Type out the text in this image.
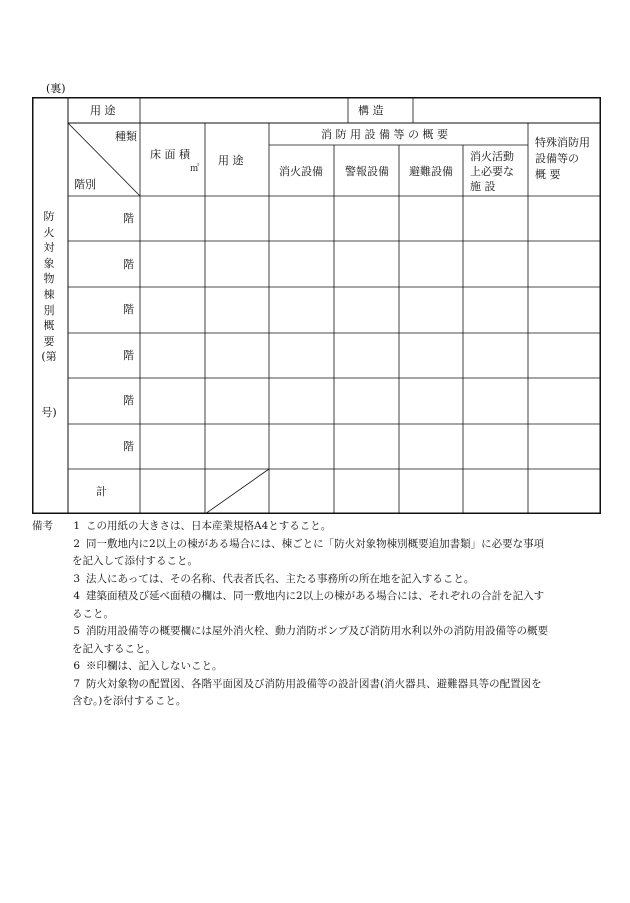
(裏)
防火対象物棟別概要(第
号)
用 途	構 造
種類
階別
床 面 積
㎡
用 途
消 防 用 設 備 等 の 概 要
消火設備 警報設備 避難設備
消火活動
上必要な
施 設
特殊消防用
設備等の
概 要
階
階
階
階
階
階
計
備考	1 この用紙の大きさは、日本産業規格A4とすること。
2 同一敷地内に2以上の棟がある場合には、棟ごとに「防火対象物棟別概要追加書類」に必要な事項
を記入して添付すること。
3 法人にあっては、その名称、代表者氏名、主たる事務所の所在地を記入すること。
4 建築面積及び延べ面積の欄は、同一敷地内に2以上の棟がある場合には、それぞれの合計を記入す
ること。
5 消防用設備等の概要欄には屋外消火栓、動力消防ポンプ及び消防用水利以外の消防用設備等の概要
を記入すること。
6 ※印欄は、記入しないこと。
7 防火対象物の配置図、各階平面図及び消防用設備等の設計図書(消火器具、避難器具等の配置図を
含む。)を添付すること。
